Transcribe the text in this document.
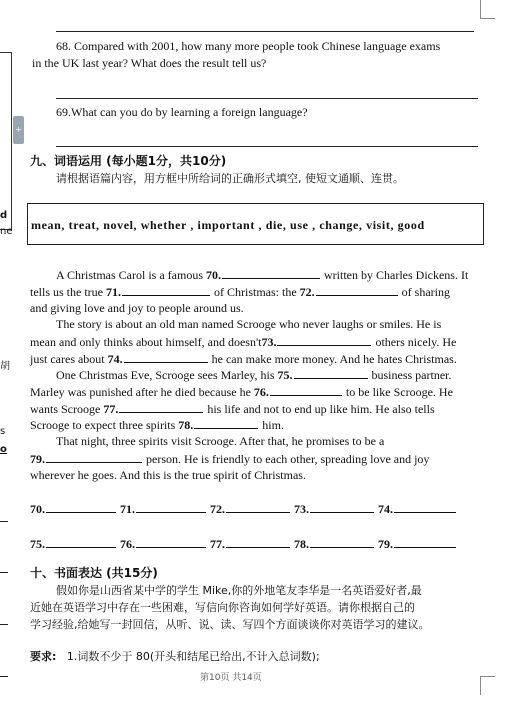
+
d
ne
胡
s
o
68. Compared with 2001, how many more people took Chinese language exams
in the UK last year? What does the result tell us?
69.What can you do by learning a foreign language?
九、词语运用 (每小题1分，共10分)
请根据语篇内容，用方框中所给词的正确形式填空, 使短文通顺、连贯。
mean, treat, novel, whether , important , die, use , change, visit, good
A Christmas Carol is a famous 70.	written by Charles Dickens. It
tells us the true 71.	of Christmas: the 72.	of sharing
and giving love and joy to people around us.
The story is about an old man named Scrooge who never laughs or smiles. He is
mean and only thinks about himself, and doesn't73.	others nicely. He
just cares about 74.	he can make more money. And he hates Christmas.
One Christmas Eve, Scrooge sees Marley, his 75.	business partner.
Marley was punished after he died because he 76.	to be like Scrooge. He
wants Scrooge 77.	his life and not to end up like him. He also tells
Scrooge to expect three spirits 78.	him.
That night, three spirits visit Scrooge. After that, he promises to be a
79.	person. He is friendly to each other, spreading love and joy
wherever he goes. And this is the true spirit of Christmas.
70.	71.	72.	73.	74.
75.	76.	77.	78.	79.
十、书面表达 (共15分)
假如你是山西省某中学的学生 Mike,你的外地笔友李华是一名英语爱好者,最
近她在英语学习中存在一些困难，写信向你咨询如何学好英语。请你根据自己的
学习经验,给她写一封回信，从听、说、读、写四个方面谈谈你对英语学习的建议。
要求: 1.词数不少于 80(开头和结尾已给出,不计入总词数);
第10页 共14页
